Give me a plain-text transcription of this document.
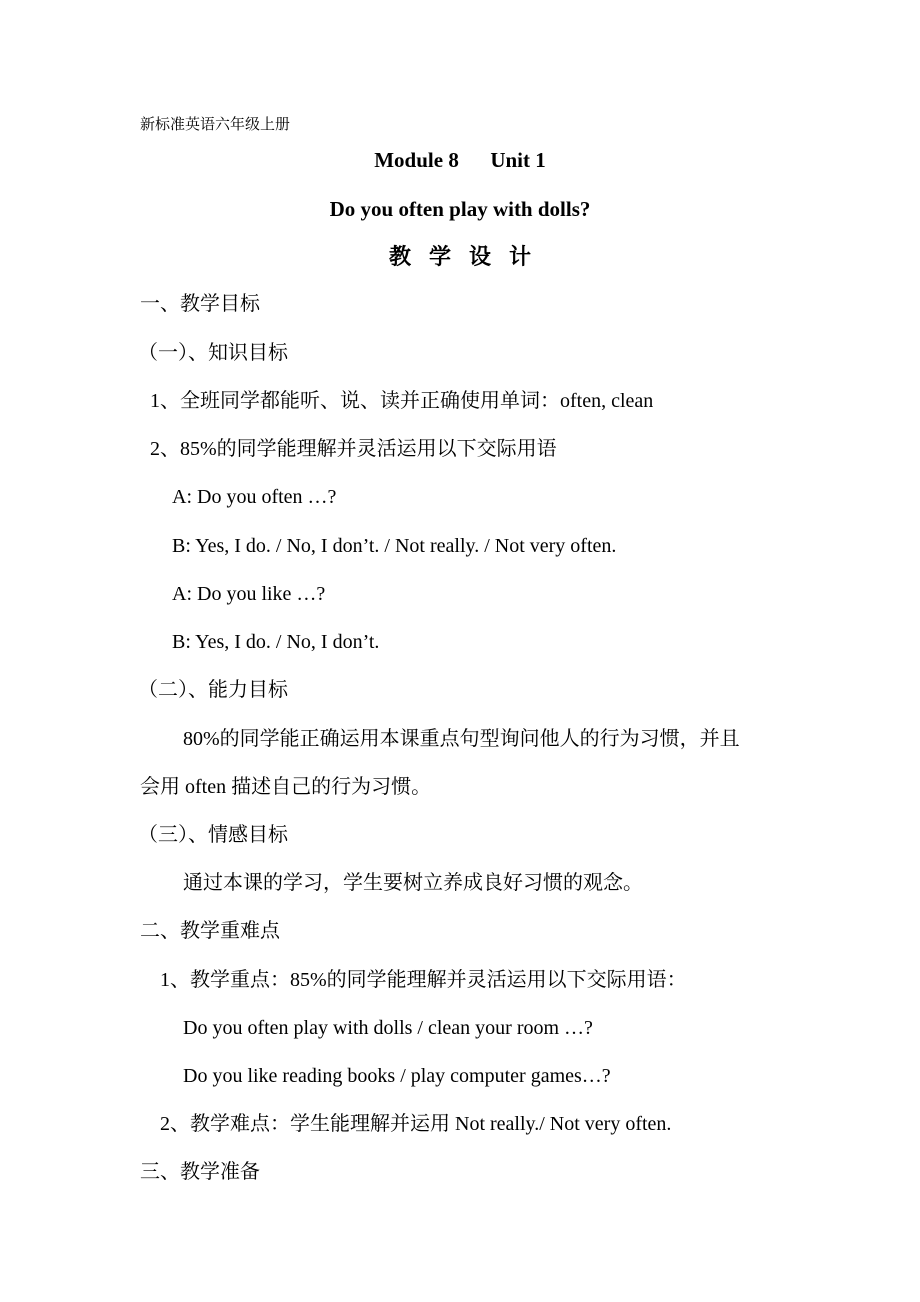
新标准英语六年级上册
Module 8      Unit 1
Do you often play with dolls?
教学设计
一、教学目标
（一）、知识目标
1、全班同学都能听、说、读并正确使用单词：often, clean
2、85%的同学能理解并灵活运用以下交际用语
A: Do you often …?
B: Yes, I do. / No, I don’t. / Not really. / Not very often.
A: Do you like …?
B: Yes, I do. / No, I don’t.
（二）、能力目标
80%的同学能正确运用本课重点句型询问他人的行为习惯，并且
会用 often 描述自己的行为习惯。
（三）、情感目标
通过本课的学习，学生要树立养成良好习惯的观念。
二、教学重难点
1、教学重点：85%的同学能理解并灵活运用以下交际用语：
Do you often play with dolls / clean your room …?
Do you like reading books / play computer games…?
2、教学难点：学生能理解并运用 Not really./ Not very often.
三、教学准备
